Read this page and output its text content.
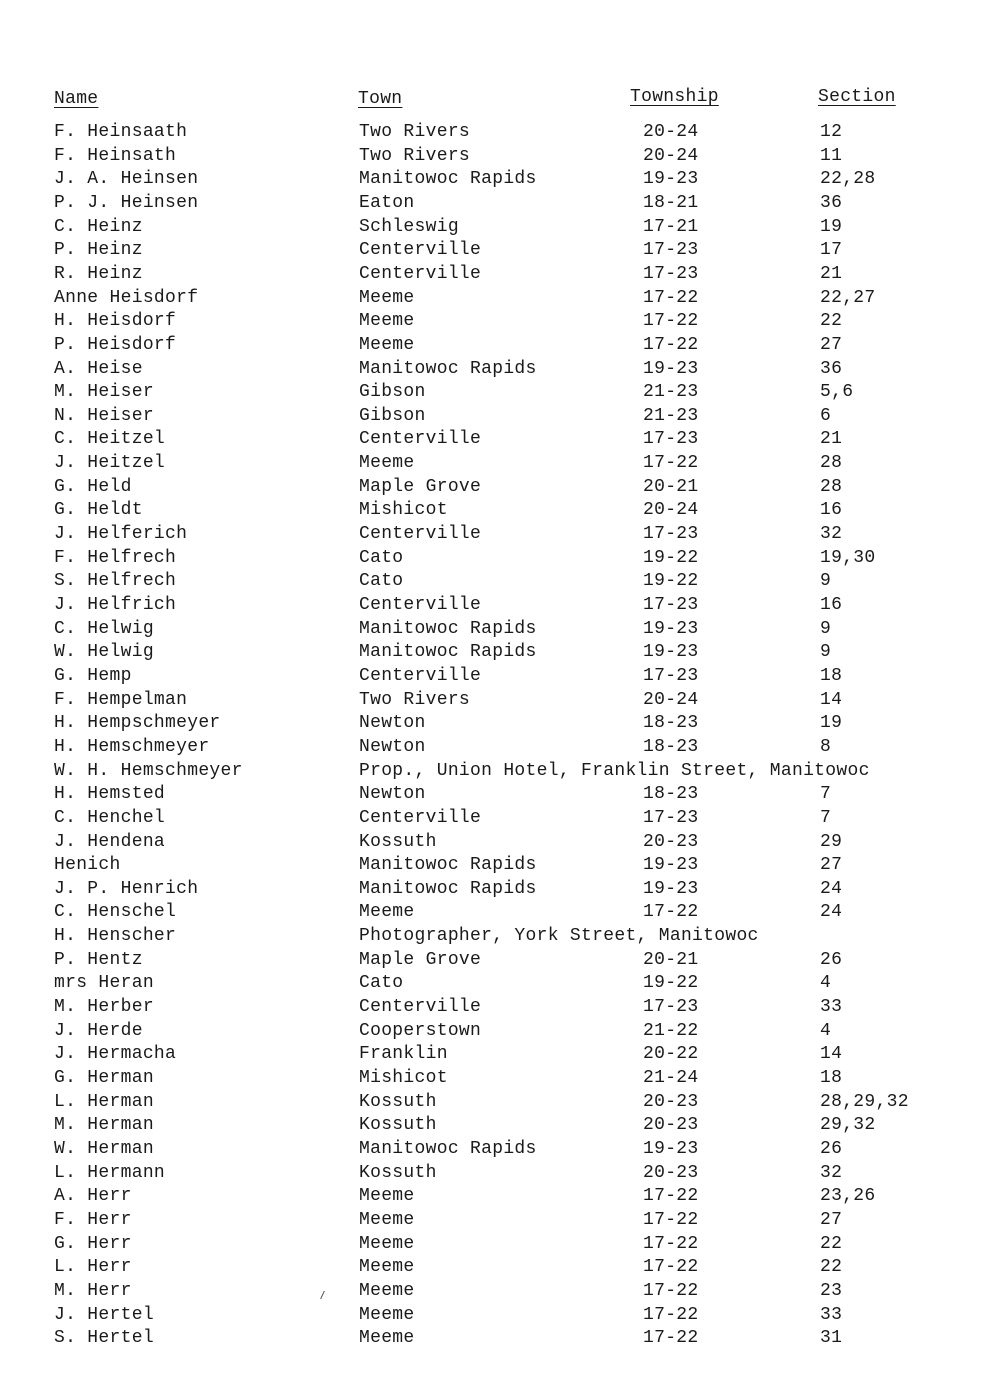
Name	Town	Township	Section
F. Heinsaath	Two Rivers	20-24	12
F. Heinsath	Two Rivers	20-24	11
J. A. Heinsen	Manitowoc Rapids	19-23	22,28
P. J. Heinsen	Eaton	18-21	36
C. Heinz	Schleswig	17-21	19
P. Heinz	Centerville	17-23	17
R. Heinz	Centerville	17-23	21
Anne Heisdorf	Meeme	17-22	22,27
H. Heisdorf	Meeme	17-22	22
P. Heisdorf	Meeme	17-22	27
A. Heise	Manitowoc Rapids	19-23	36
M. Heiser	Gibson	21-23	5,6
N. Heiser	Gibson	21-23	6
C. Heitzel	Centerville	17-23	21
J. Heitzel	Meeme	17-22	28
G. Held	Maple Grove	20-21	28
G. Heldt	Mishicot	20-24	16
J. Helferich	Centerville	17-23	32
F. Helfrech	Cato	19-22	19,30
S. Helfrech	Cato	19-22	9
J. Helfrich	Centerville	17-23	16
C. Helwig	Manitowoc Rapids	19-23	9
W. Helwig	Manitowoc Rapids	19-23	9
G. Hemp	Centerville	17-23	18
F. Hempelman	Two Rivers	20-24	14
H. Hempschmeyer	Newton	18-23	19
H. Hemschmeyer	Newton	18-23	8
W. H. Hemschmeyer	Prop., Union Hotel, Franklin Street, Manitowoc
H. Hemsted	Newton	18-23	7
C. Henchel	Centerville	17-23	7
J. Hendena	Kossuth	20-23	29
Henich	Manitowoc Rapids	19-23	27
J. P. Henrich	Manitowoc Rapids	19-23	24
C. Henschel	Meeme	17-22	24
H. Henscher	Photographer, York Street, Manitowoc
P. Hentz	Maple Grove	20-21	26
mrs Heran	Cato	19-22	4
M. Herber	Centerville	17-23	33
J. Herde	Cooperstown	21-22	4
J. Hermacha	Franklin	20-22	14
G. Herman	Mishicot	21-24	18
L. Herman	Kossuth	20-23	28,29,32
M. Herman	Kossuth	20-23	29,32
W. Herman	Manitowoc Rapids	19-23	26
L. Hermann	Kossuth	20-23	32
A. Herr	Meeme	17-22	23,26
F. Herr	Meeme	17-22	27
G. Herr	Meeme	17-22	22
L. Herr	Meeme	17-22	22
M. Herr	Meeme	17-22	23
J. Hertel	Meeme	17-22	33
S. Hertel	Meeme	17-22	31
